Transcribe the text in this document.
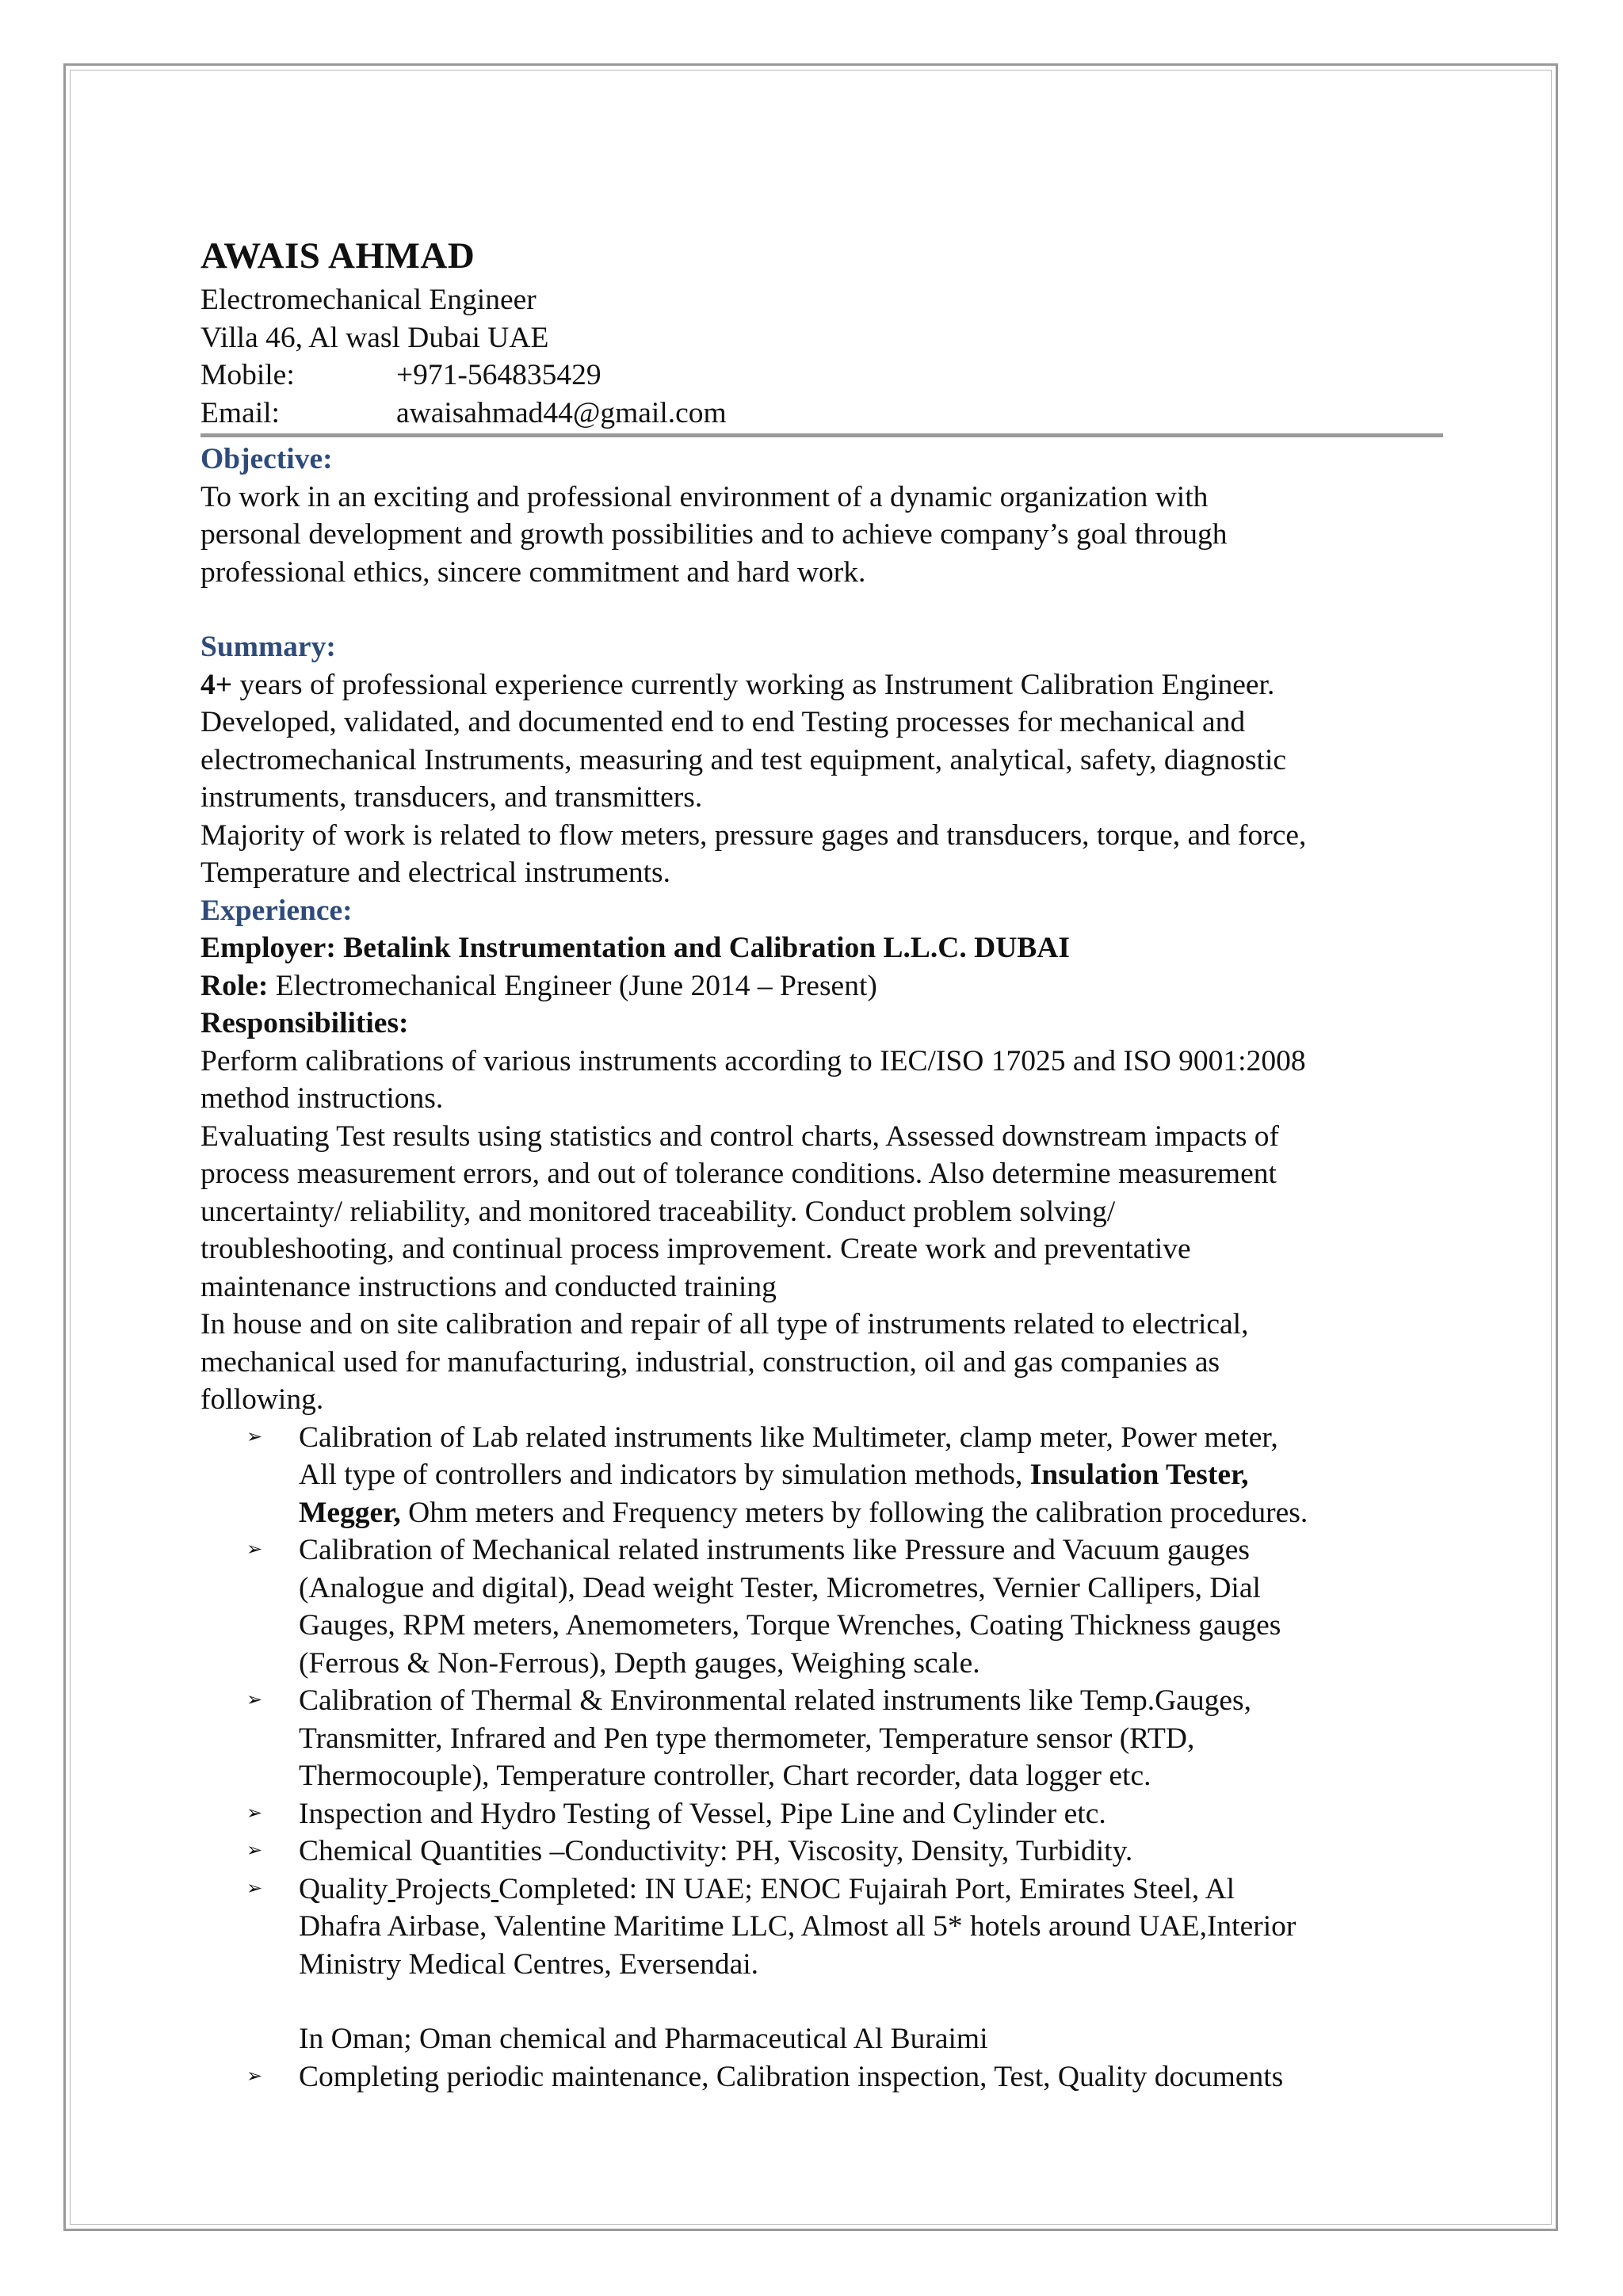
AWAIS AHMAD
Electromechanical Engineer
Villa 46, Al wasl Dubai UAE
Mobile:	+971-564835429
Email:	awaisahmad44@gmail.com
Objective:

To work in an exciting and professional environment of a dynamic organization with

personal development and growth possibilities and to achieve company’s goal through

professional ethics, sincere commitment and hard work.

Summary:

4+ years of professional experience currently working as Instrument Calibration Engineer.

Developed, validated, and documented end to end Testing processes for mechanical and

electromechanical Instruments, measuring and test equipment, analytical, safety, diagnostic

instruments, transducers, and transmitters.

Majority of work is related to flow meters, pressure gages and transducers, torque, and force,

Temperature and electrical instruments.

Experience:

Employer: Betalink Instrumentation and Calibration L.L.C. DUBAI

Role: Electromechanical Engineer (June 2014 – Present)

Responsibilities:

Perform calibrations of various instruments according to IEC/ISO 17025 and ISO 9001:2008

method instructions.

Evaluating Test results using statistics and control charts, Assessed downstream impacts of

process measurement errors, and out of tolerance conditions. Also determine measurement

uncertainty/ reliability, and monitored traceability. Conduct problem solving/

troubleshooting, and continual process improvement. Create work and preventative

maintenance instructions and conducted training

In house and on site calibration and repair of all type of instruments related to electrical,

mechanical used for manufacturing, industrial, construction, oil and gas companies as

following.

➢ Calibration of Lab related instruments like Multimeter, clamp meter, Power meter,
All type of controllers and indicators by simulation methods, Insulation Tester,
Megger, Ohm meters and Frequency meters by following the calibration procedures.
➢ Calibration of Mechanical related instruments like Pressure and Vacuum gauges
(Analogue and digital), Dead weight Tester, Micrometres, Vernier Callipers, Dial
Gauges, RPM meters, Anemometers, Torque Wrenches, Coating Thickness gauges
(Ferrous & Non-Ferrous), Depth gauges, Weighing scale.
➢ Calibration of Thermal & Environmental related instruments like Temp.Gauges,
Transmitter, Infrared and Pen type thermometer, Temperature sensor (RTD,
Thermocouple), Temperature controller, Chart recorder, data logger etc.
➢ Inspection and Hydro Testing of Vessel, Pipe Line and Cylinder etc.
➢ Chemical Quantities –Conductivity: PH, Viscosity, Density, Turbidity.
➢ Quality Projects Completed: IN UAE; ENOC Fujairah Port, Emirates Steel, Al
Dhafra Airbase, Valentine Maritime LLC, Almost all 5* hotels around UAE,Interior
Ministry Medical Centres, Eversendai.
In Oman; Oman chemical and Pharmaceutical Al Buraimi
➢ Completing periodic maintenance, Calibration inspection, Test, Quality documents
